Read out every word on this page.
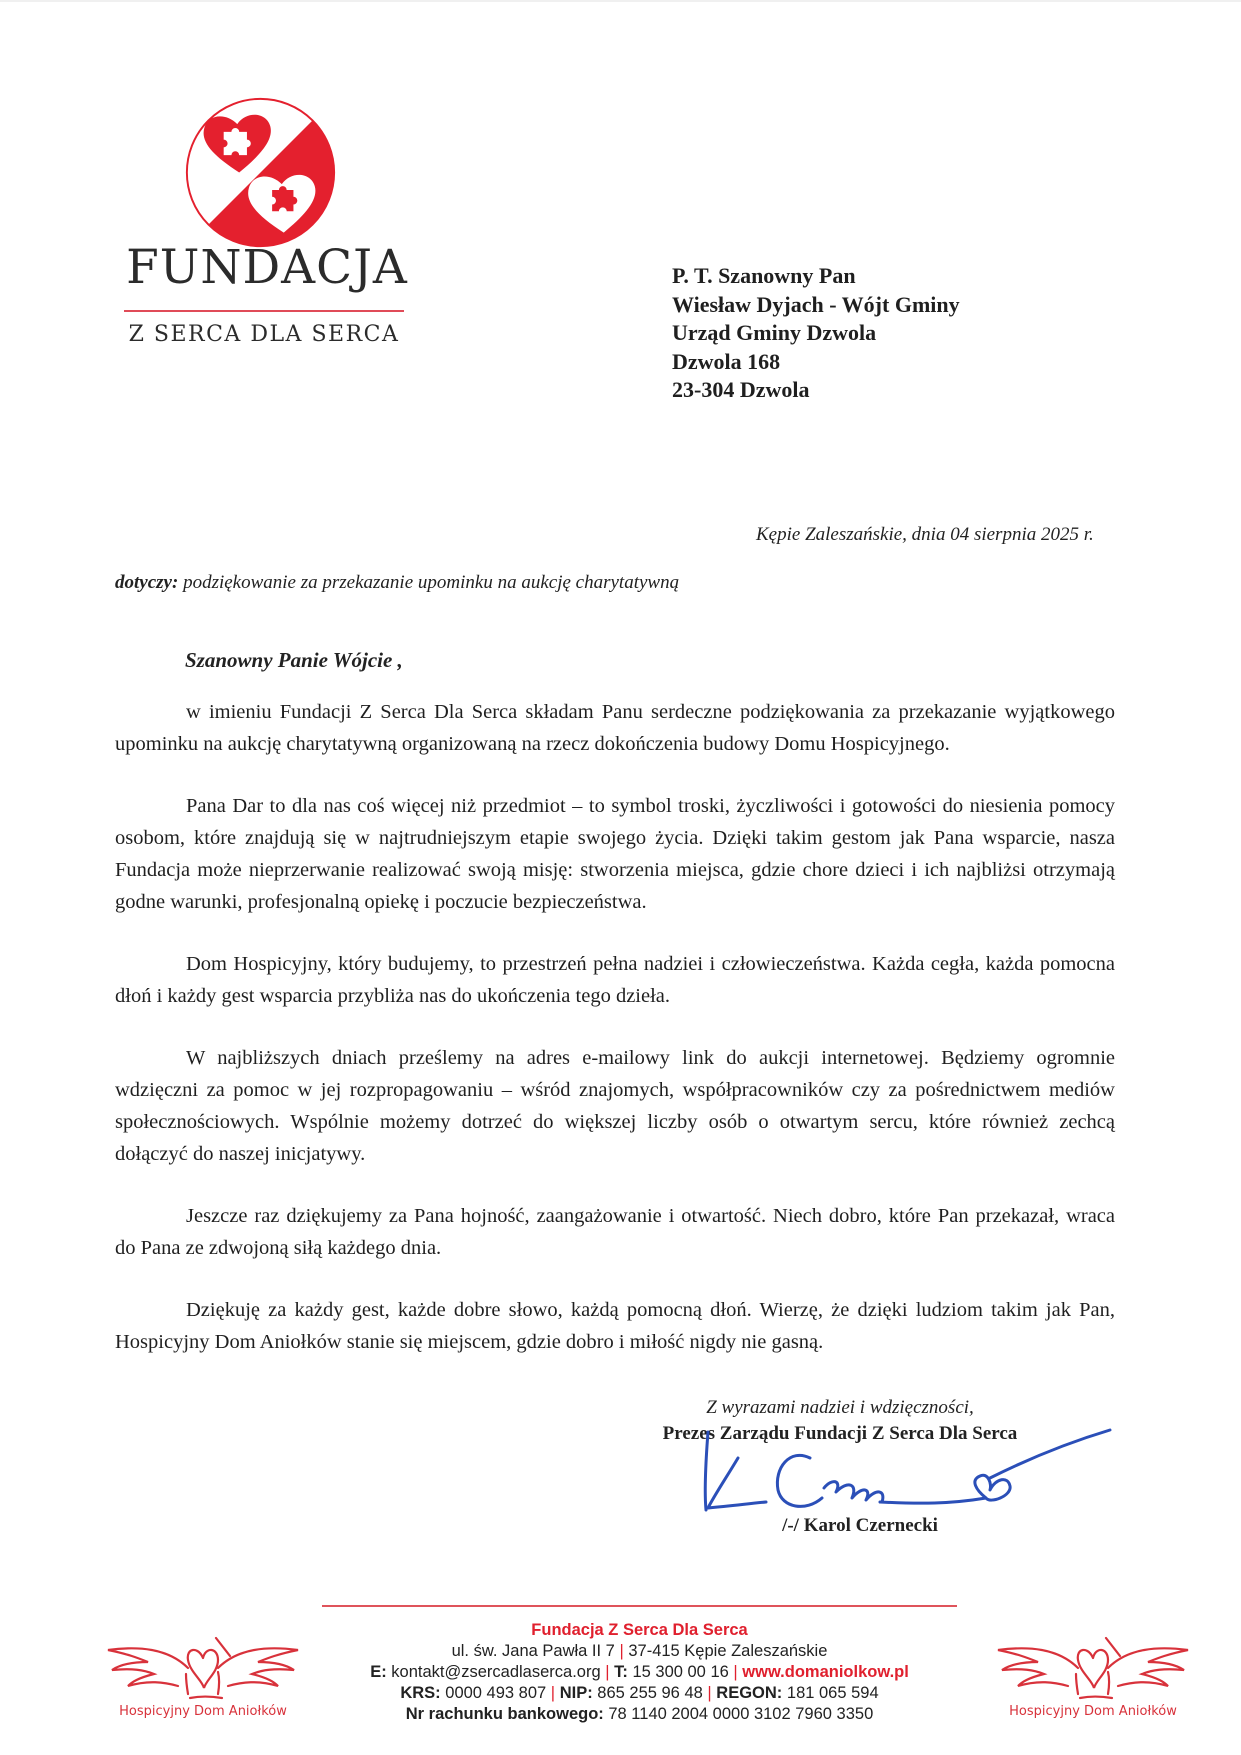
FUNDACJA
Z SERCA DLA SERCA
P. T. Szanowny Pan
Wiesław Dyjach - Wójt Gminy
Urząd Gminy Dzwola
Dzwola 168
23-304 Dzwola
Kępie Zaleszańskie, dnia 04 sierpnia 2025 r.
dotyczy: podziękowanie za przekazanie upominku na aukcję charytatywną
Szanowny Panie Wójcie ,

w imieniu Fundacji Z Serca Dla Serca składam Panu serdeczne podziękowania za przekazanie wyjątkowego upominku na aukcję charytatywną organizowaną na rzecz dokończenia budowy Domu Hospicyjnego.

Pana Dar to dla nas coś więcej niż przedmiot – to symbol troski, życzliwości i gotowości do niesienia pomocy osobom, które znajdują się w najtrudniejszym etapie swojego życia. Dzięki takim gestom jak Pana wsparcie, nasza Fundacja może nieprzerwanie realizować swoją misję: stworzenia miejsca, gdzie chore dzieci i ich najbliżsi otrzymają godne warunki, profesjonalną opiekę i poczucie bezpieczeństwa.

Dom Hospicyjny, który budujemy, to przestrzeń pełna nadziei i człowieczeństwa. Każda cegła, każda pomocna dłoń i każdy gest wsparcia przybliża nas do ukończenia tego dzieła.

W najbliższych dniach prześlemy na adres e-mailowy link do aukcji internetowej. Będziemy ogromnie wdzięczni za pomoc w jej rozpropagowaniu – wśród znajomych, współpracowników czy za pośrednictwem mediów społecznościowych. Wspólnie możemy dotrzeć do większej liczby osób o otwartym sercu, które również zechcą dołączyć do naszej inicjatywy.

Jeszcze raz dziękujemy za Pana hojność, zaangażowanie i otwartość. Niech dobro, które Pan przekazał, wraca do Pana ze zdwojoną siłą każdego dnia.

Dziękuję za każdy gest, każde dobre słowo, każdą pomocną dłoń. Wierzę, że dzięki ludziom takim jak Pan, Hospicyjny Dom Aniołków stanie się miejscem, gdzie dobro i miłość nigdy nie gasną.

Z wyrazami nadziei i wdzięczności,
Prezes Zarządu Fundacji Z Serca Dla Serca
/-/ Karol Czernecki
Fundacja Z Serca Dla Serca
ul. św. Jana Pawła II 7 | 37-415 Kępie Zaleszańskie
E: kontakt@zsercadlaserca.org | T: 15 300 00 16 | www.domaniolkow.pl
KRS: 0000 493 807 | NIP: 865 255 96 48 | REGON: 181 065 594
Nr rachunku bankowego: 78 1140 2004 0000 3102 7960 3350
Hospicyjny Dom Aniołków	Hospicyjny Dom Aniołków
